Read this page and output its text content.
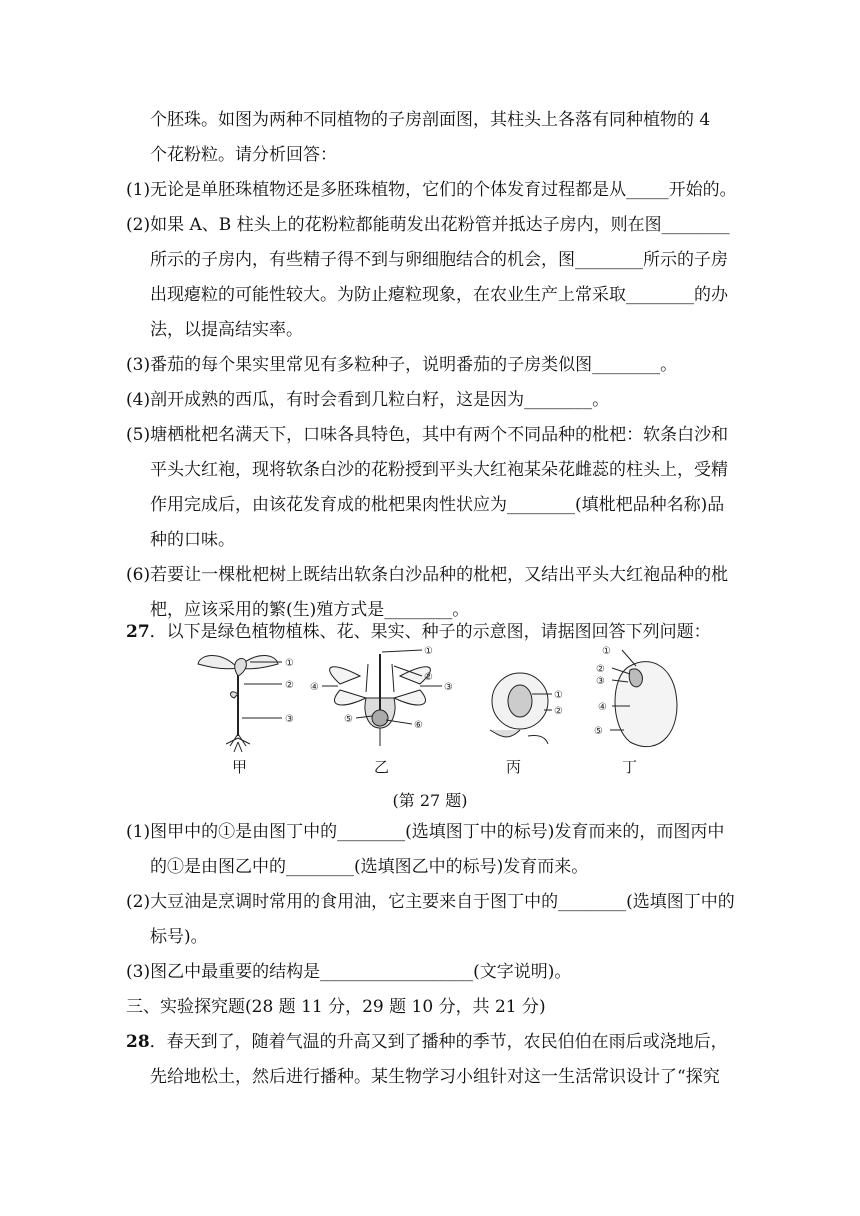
个胚珠。如图为两种不同植物的子房剖面图，其柱头上各落有同种植物的 4
个花粉粒。请分析回答：
(1)无论是单胚珠植物还是多胚珠植物，它们的个体发育过程都是从_____开始的。
(2)如果 A、B 柱头上的花粉粒都能萌发出花粉管并抵达子房内，则在图________
所示的子房内，有些精子得不到与卵细胞结合的机会，图________所示的子房
出现瘪粒的可能性较大。为防止瘪粒现象，在农业生产上常采取________的办
法，以提高结实率。
(3)番茄的每个果实里常见有多粒种子，说明番茄的子房类似图________。
(4)剖开成熟的西瓜，有时会看到几粒白籽，这是因为________。
(5)塘栖枇杷名满天下，口味各具特色，其中有两个不同品种的枇杷：软条白沙和
平头大红袍，现将软条白沙的花粉授到平头大红袍某朵花雌蕊的柱头上，受精
作用完成后，由该花发育成的枇杷果肉性状应为________(填枇杷品种名称)品
种的口味。
(6)若要让一棵枇杷树上既结出软条白沙品种的枇杷，又结出平头大红袍品种的枇
杷，应该采用的繁(生)殖方式是________。
27．以下是绿色植物植株、花、果实、种子的示意图，请据图回答下列问题：
①
②
③
①
②
③
④
⑤
⑥
①
②
①
②
③
④
⑤
甲	乙	丙	丁
(第 27 题)
(1)图甲中的①是由图丁中的________(选填图丁中的标号)发育而来的，而图丙中
的①是由图乙中的________(选填图乙中的标号)发育而来。
(2)大豆油是烹调时常用的食用油，它主要来自于图丁中的________(选填图丁中的
标号)。
(3)图乙中最重要的结构是__________________(文字说明)。
三、实验探究题(28 题 11 分，29 题 10 分，共 21 分)
28．春天到了，随着气温的升高又到了播种的季节，农民伯伯在雨后或浇地后，
先给地松土，然后进行播种。某生物学习小组针对这一生活常识设计了“探究
